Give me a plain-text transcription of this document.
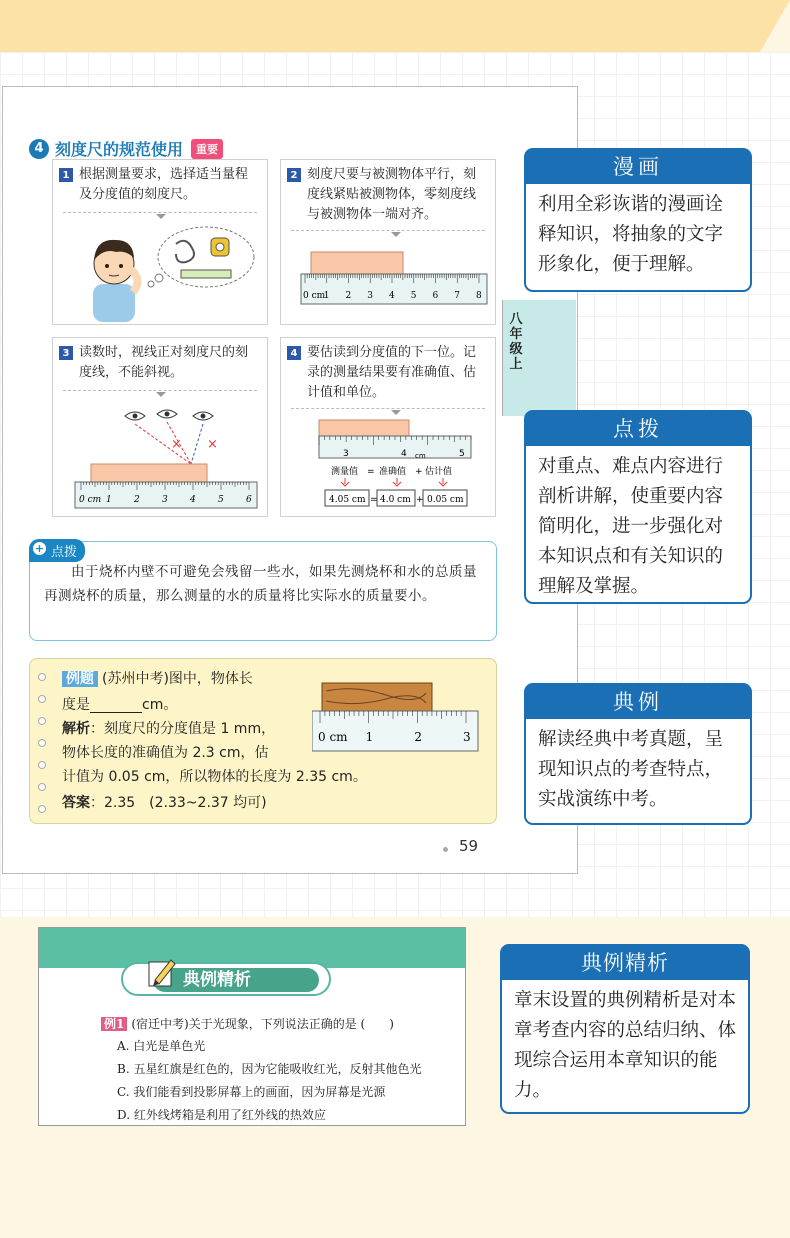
4 刻度尺的规范使用	重要
1 根据测量要求，选择适当量程及分度值的刻度尺。
2 刻度尺要与被测物体平行，刻度线紧贴被测物体，零刻度线与被测物体一端对齐。
0 cm
1 2 3 4 5 6 7 8
3 读数时，视线正对刻度尺的刻度线，不能斜视。
× ×
0 cm 1 2 3 4 5 6
4 要估读到分度值的下一位。记录的测量结果要有准确值、估计值和单位。
3	4 cm	5
测量值 = 准确值 + 估计值
4.05 cm = 4.0 cm + 0.05 cm
由于烧杯内壁不可避免会残留一些水，如果先测烧杯和水的总质量再测烧杯的质量，那么测量的水的质量将比实际水的质量要小。
+ 点拨
例题 (苏州中考)图中，物体长
度是	cm。
解析：刻度尺的分度值是 1 mm，
物体长度的准确值为 2.3 cm，估
计值为 0.05 cm，所以物体的长度为 2.35 cm。
答案：2.35　(2.33~2.37 均可)
0 cm 1	2	3
59
八年级上
漫画
利用全彩诙谐的漫画诠释知识，将抽象的文字形象化，便于理解。
点拨
对重点、难点内容进行剖析讲解，使重要内容简明化，进一步强化对本知识点和有关知识的理解及掌握。
典例
解读经典中考真题，呈现知识点的考查特点，实战演练中考。
典例精析
例1 (宿迁中考)关于光现象，下列说法正确的是 (　　)
A. 白光是单色光
B. 五星红旗是红色的，因为它能吸收红光，反射其他色光
C. 我们能看到投影屏幕上的画面，因为屏幕是光源
D. 红外线烤箱是利用了红外线的热效应
典例精析
章末设置的典例精析是对本章考查内容的总结归纳、体现综合运用本章知识的能力。
